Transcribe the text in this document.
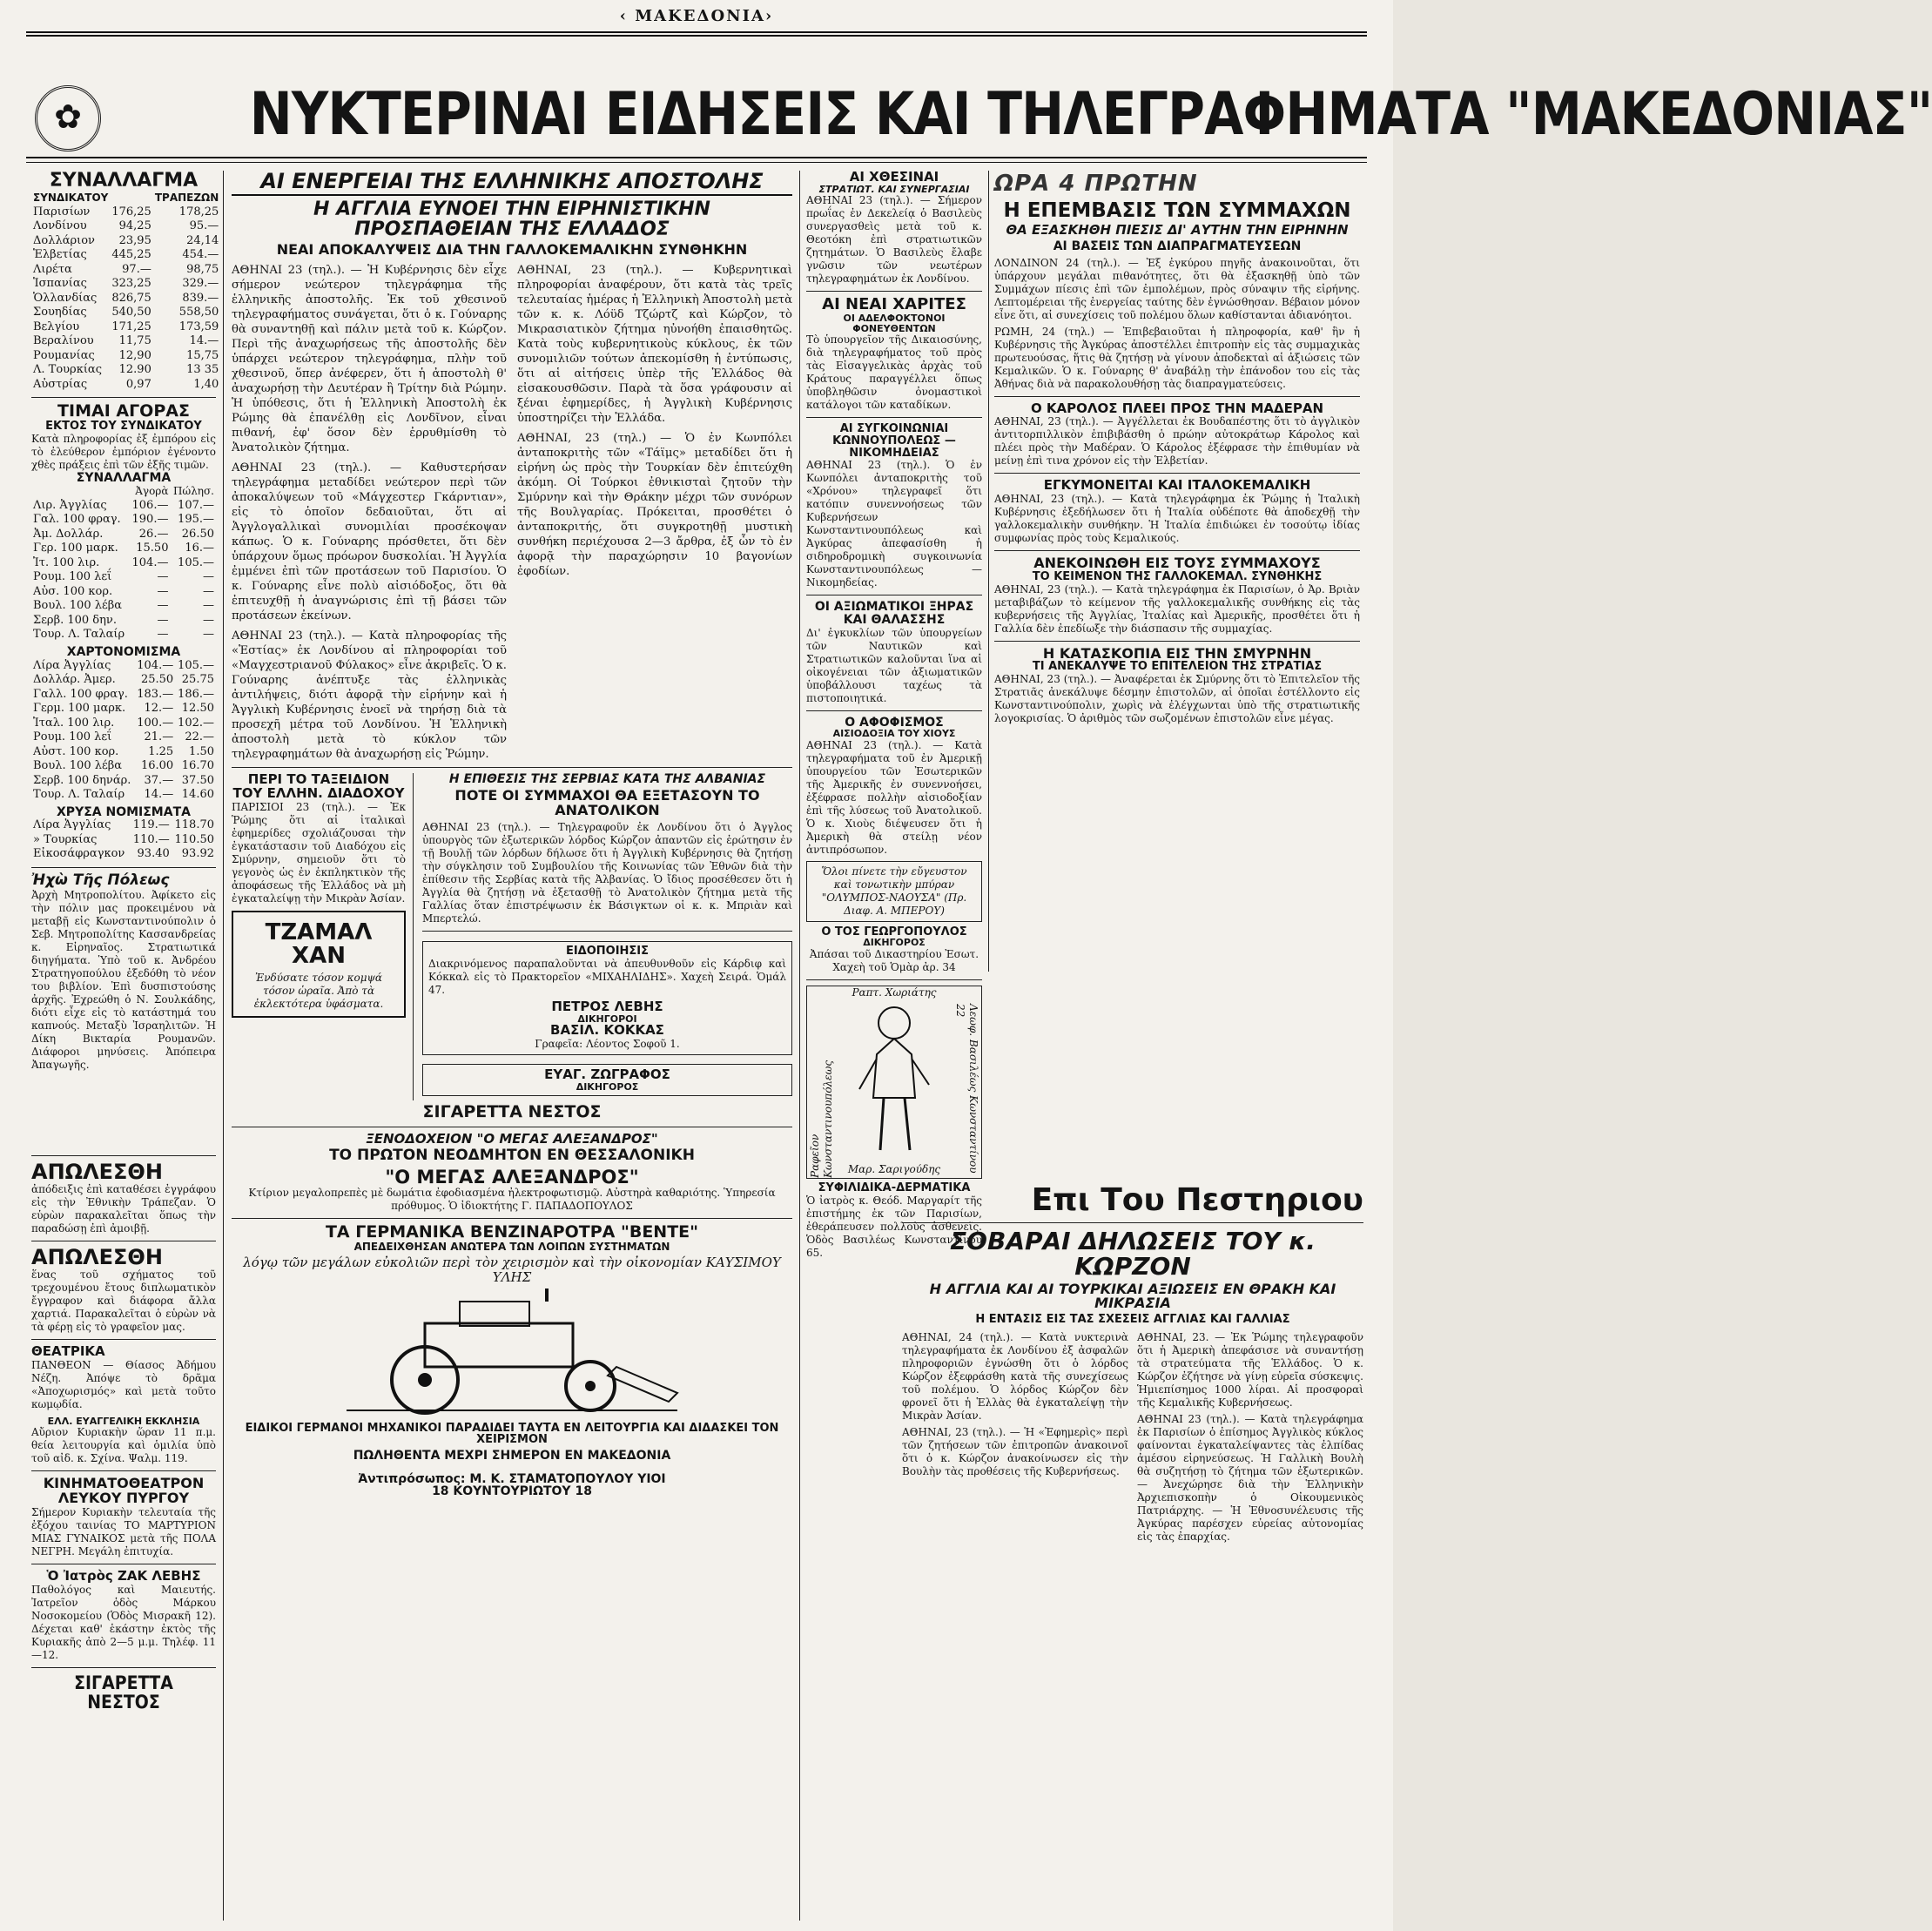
‹ ΜΑΚΕΔΟΝΙΑ›
✿	ΝΥΚΤΕΡΙΝΑΙ ΕΙΔΗΣΕΙΣ ΚΑΙ ΤΗΛΕΓΡΑΦΗΜΑΤΑ "ΜΑΚΕΔΟΝΙΑΣ"
ΣΥΝΑΛΛΑΓΜΑ
ΣΥΝΔΙΚΑΤΟΥ		ΤΡΑΠΕΖΩΝ
Παρισίων	176,25	178,25
Λονδίνου	94,25	95.—
Δολλάριον	23,95	24,14
Ἑλβετίας	445,25	454.—
Λιρέτα	97.—	98,75
Ἱσπανίας	323,25	329.—
Ὁλλανδίας	826,75	839.—
Σουηδίας	540,50	558,50
Βελγίου	171,25	173,59
Βεραλίνου	11,75	14.—
Ρουμανίας	12,90	15,75
Λ. Τουρκίας	12.90	13 35
Αὐστρίας	0,97	1,40
ΤΙΜΑΙ ΑΓΟΡΑΣ
ΕΚΤΟΣ ΤΟΥ ΣΥΝΔΙΚΑΤΟΥ

Κατὰ πληροφορίας ἐξ ἐμπόρου εἰς τὸ ἐλεύθερον ἐμπόριον ἐγένοντο χθὲς πράξεις ἐπὶ τῶν ἑξῆς τιμῶν.

ΣΥΝΑΛΛΑΓΜΑ
	Ἀγορὰ	Πώλησ.
Λιρ. Ἀγγλίας	106.—	107.—
Γαλ. 100 φραγ.	190.—	195.—
Ἀμ. Δολλάρ.	26.—	26.50
Γερ. 100 μαρκ.	15.50	16.—
Ἰτ. 100 λιρ.	104.—	105.—
Ρουμ. 100 λεΐ	—	—
Αὐσ. 100 κορ.	—	—
Βουλ. 100 λέβα	—	—
Σερβ. 100 δην.	—	—
Τουρ. Λ. Ταλαίρ	—	—
ΧΑΡΤΟΝΟΜΙΣΜΑ
Λίρα Ἀγγλίας	104.—	105.—
Δολλάρ. Ἀμερ.	25.50	25.75
Γαλλ. 100 φραγ.	183.—	186.—
Γερμ. 100 μαρκ.	12.—	12.50
Ἰταλ. 100 λιρ.	100.—	102.—
Ρουμ. 100 λεΐ	21.—	22.—
Αὐστ. 100 κορ.	1.25	1.50
Βουλ. 100 λέβα	16.00	16.70
Σερβ. 100 δηνάρ.	37.—	37.50
Τουρ. Λ. Ταλαίρ	14.—	14.60
ΧΡΥΣΑ ΝΟΜΙΣΜΑΤΑ
Λίρα Ἀγγλίας	119.—	118.70
» Τουρκίας	110.—	110.50
Εἰκοσάφραγκον	93.40	93.92
Ἠχὼ Τῆς Πόλεως

Ἀρχὴ Μητροπολίτου. Ἀφίκετο εἰς τὴν πόλιν μας προκειμένου νὰ μεταβῇ εἰς Κωνσταντινούπολιν ὁ Σεβ. Μητροπολίτης Κασσανδρείας κ. Εἰρηναῖος. Στρατιωτικά διηγήματα. Ὑπὸ τοῦ κ. Ἀνδρέου Στρατηγοπούλου ἐξεδόθη τὸ νέον του βιβλίον. Ἐπὶ δυσπιστούσης ἀρχῆς. Ἐχρεώθη ὁ Ν. Σουλκάδης, διότι εἶχε εἰς τὸ κατάστημά του καπνούς. Μεταξὺ Ἰσραηλιτῶν. Ἡ Δίκη Βικταρία Ρουμανῶν. Διάφοροι μηνύσεις. Ἀπόπειρα Ἀπαγωγῆς.

ΑΠΩΛΕΣΘΗ

ἀπόδειξις ἐπὶ καταθέσει ἐγγράφου εἰς τὴν Ἐθνικὴν Τράπεζαν. Ὁ εὑρὼν παρακαλεῖται ὅπως τὴν παραδώσῃ ἐπὶ ἀμοιβῇ.

ΑΠΩΛΕΣΘΗ

ἕνας τοῦ σχήματος τοῦ τρεχουμένου ἔτους διπλωματικὸν ἔγγραφον καὶ διάφορα ἄλλα χαρτιά. Παρακαλεῖται ὁ εὑρὼν νὰ τὰ φέρῃ εἰς τὸ γραφεῖον μας.

ΘΕΑΤΡΙΚΑ

ΠΑΝΘΕΟΝ — Θίασος Ἀδήμου Νέζη. Ἀπόψε τὸ δρᾶμα «Ἀποχωρισμός» καὶ μετὰ τοῦτο κωμῳδία.

ΕΛΛ. ΕΥΑΓΓΕΛΙΚΗ ΕΚΚΛΗΣΙΑ

Αὔριον Κυριακὴν ὥραν 11 π.μ. θεία λειτουργία καὶ ὁμιλία ὑπὸ τοῦ αἰδ. κ. Σχίνα. Ψαλμ. 119.

ΚΙΝΗΜΑΤΟΘΕΑΤΡΟΝ ΛΕΥΚΟΥ ΠΥΡΓΟΥ

Σήμερον Κυριακὴν τελευταία τῆς ἐξόχου ταινίας ΤΟ ΜΑΡΤΥΡΙΟΝ ΜΙΑΣ ΓΥΝΑΙΚΟΣ μετὰ τῆς ΠΟΛΑ ΝΕΓΡΗ. Μεγάλη ἐπιτυχία.

Ὁ Ἰατρὸς ΖΑΚ ΛΕΒΗΣ

Παθολόγος καὶ Μαιευτής. Ἰατρεῖον ὁδὸς Μάρκου Νοσοκομείου (Ὁδὸς Μισρακῆ 12). Δέχεται καθ' ἑκάστην ἐκτὸς τῆς Κυριακῆς ἀπὸ 2—5 μ.μ. Τηλέφ. 11—12.

ΣΙΓΑΡΕΤΤΑ ΝΕΣΤΟΣ
ΑΙ ΕΝΕΡΓΕΙΑΙ ΤΗΣ ΕΛΛΗΝΙΚΗΣ ΑΠΟΣΤΟΛΗΣ
Η ΑΓΓΛΙΑ ΕΥΝΟΕΙ ΤΗΝ ΕΙΡΗΝΙΣΤΙΚΗΝ ΠΡΟΣΠΑΘΕΙΑΝ ΤΗΣ ΕΛΛΑΔΟΣ
ΝΕΑΙ ΑΠΟΚΑΛΥΨΕΙΣ ΔΙΑ ΤΗΝ ΓΑΛΛΟΚΕΜΑΛΙΚΗΝ ΣΥΝΘΗΚΗΝ

ΑΘΗΝΑΙ 23 (τηλ.). — Ἡ Κυβέρνησις δὲν εἶχε σήμερον νεώτερον τηλεγράφημα τῆς ἑλληνικῆς ἀποστολῆς. Ἐκ τοῦ χθεσινοῦ τηλεγραφήματος συνάγεται, ὅτι ὁ κ. Γούναρης θὰ συναντηθῇ καὶ πάλιν μετὰ τοῦ κ. Κώρζον. Περὶ τῆς ἀναχωρήσεως τῆς ἀποστολῆς δὲν ὑπάρχει νεώτερον τηλεγράφημα, πλὴν τοῦ χθεσινοῦ, ὅπερ ἀνέφερεν, ὅτι ἡ ἀποστολὴ θ' ἀναχωρήσῃ τὴν Δευτέραν ἢ Τρίτην διὰ Ρώμην. Ἡ ὑπόθεσις, ὅτι ἡ Ἑλληνικὴ Ἀποστολὴ ἐκ Ρώμης θὰ ἐπανέλθῃ εἰς Λονδῖνον, εἶναι πιθανή, ἐφ' ὅσον δὲν ἐρρυθμίσθη τὸ Ἀνατολικὸν ζήτημα.

ΑΘΗΝΑΙ 23 (τηλ.). — Καθυστερήσαν τηλεγράφημα μεταδίδει νεώτερον περὶ τῶν ἀποκαλύψεων τοῦ «Μάγχεστερ Γκάρντιαν», εἰς τὸ ὁποῖον δεδαιοῦται, ὅτι αἱ Ἀγγλογαλλικαὶ συνομιλίαι προσέκοψαν κάπως. Ὁ κ. Γούναρης πρόσθετει, ὅτι δὲν ὑπάρχουν ὅμως πρόωρον δυσκολίαι. Ἡ Ἀγγλία ἐμμένει ἐπὶ τῶν προτάσεων τοῦ Παρισίου. Ὁ κ. Γούναρης εἶνε πολὺ αἰσιόδοξος, ὅτι θὰ ἐπιτευχθῇ ἡ ἀναγνώρισις ἐπὶ τῇ βάσει τῶν προτάσεων ἐκείνων.

ΑΘΗΝΑΙ 23 (τηλ.). — Κατὰ πληροφορίας τῆς «Ἑστίας» ἐκ Λονδίνου αἱ πληροφορίαι τοῦ «Μαγχεστριανοῦ Φύλακος» εἶνε ἀκριβεῖς. Ὁ κ. Γούναρης ἀνέπτυξε τὰς ἑλληνικὰς ἀντιλήψεις, διότι ἀφορᾷ τὴν εἰρήνην καὶ ἡ Ἀγγλικὴ Κυβέρνησις ἐνοεῖ νὰ τηρήσῃ διὰ τὰ προσεχῆ μέτρα τοῦ Λονδίνου. Ἡ Ἑλληνικὴ ἀποστολὴ μετὰ τὸ κύκλον τῶν τηλεγραφημάτων θὰ ἀναχωρήσῃ εἰς Ῥώμην.

ΑΘΗΝΑΙ, 23 (τηλ.). — Κυβερνητικαὶ πληροφορίαι ἀναφέρουν, ὅτι κατὰ τὰς τρεῖς τελευταίας ἡμέρας ἡ Ἑλληνικὴ Ἀποστολὴ μετὰ τῶν κ. κ. Λόϋδ Τζώρτζ καὶ Κώρζον, τὸ Μικρασιατικὸν ζήτημα ηὐνοήθη ἐπαισθητῶς. Κατὰ τοὺς κυβερνητικοὺς κύκλους, ἐκ τῶν συνομιλιῶν τούτων ἀπεκομίσθη ἡ ἐντύπωσις, ὅτι αἱ αἰτήσεις ὑπὲρ τῆς Ἑλλάδος θὰ εἰσακουσθῶσιν. Παρὰ τὰ ὅσα γράφουσιν αἱ ξέναι ἐφημερίδες, ἡ Ἀγγλικὴ Κυβέρνησις ὑποστηρίζει τὴν Ἑλλάδα.

ΑΘΗΝΑΙ, 23 (τηλ.) — Ὁ ἐν Κωνπόλει ἀνταποκριτὴς τῶν «Τάϊμς» μεταδίδει ὅτι ἡ εἰρήνη ὡς πρὸς τὴν Τουρκίαν δὲν ἐπιτεύχθη ἀκόμη. Οἱ Τούρκοι ἐθνικισταὶ ζητοῦν τὴν Σμύρνην καὶ τὴν Θράκην μέχρι τῶν συνόρων τῆς Βουλγαρίας. Πρόκειται, προσθέτει ὁ ἀνταποκριτής, ὅτι συγκροτηθῇ μυστικὴ συνθήκη περιέχουσα 2—3 ἄρθρα, ἐξ ὧν τὸ ἐν ἀφορᾷ τὴν παραχώρησιν 10 βαγονίων ἐφοδίων.

ΠΕΡΙ ΤΟ ΤΑΞΕΙΔΙΟΝ ΤΟΥ ΕΛΛΗΝ. ΔΙΑΔΟΧΟΥ

ΠΑΡΙΣΙΟΙ 23 (τηλ.). — Ἐκ Ῥώμης ὅτι αἱ ἰταλικαὶ ἐφημερίδες σχολιάζουσαι τὴν ἐγκατάστασιν τοῦ Διαδόχου εἰς Σμύρνην, σημειοῦν ὅτι τὸ γεγονὸς ὡς ἐν ἐκπληκτικὸν τῆς ἀποφάσεως τῆς Ἑλλάδος νὰ μὴ ἐγκαταλείψῃ τὴν Μικρὰν Ἀσίαν.

ΤΖΑΜΑΛ ΧΑΝ
Ἐνδύσατε τόσον κομψά τόσον ὡραῖα. Ἀπὸ τὰ ἐκλεκτότερα ὑφάσματα.
Η ΕΠΙΘΕΣΙΣ ΤΗΣ ΣΕΡΒΙΑΣ ΚΑΤΑ ΤΗΣ ΑΛΒΑΝΙΑΣ
ΠΟΤΕ ΟΙ ΣΥΜΜΑΧΟΙ ΘΑ ΕΞΕΤΑΣΟΥΝ ΤΟ ΑΝΑΤΟΛΙΚΟΝ

ΑΘΗΝΑΙ 23 (τηλ.). — Τηλεγραφοῦν ἐκ Λονδίνου ὅτι ὁ Ἀγγλος ὑπουργὸς τῶν ἐξωτερικῶν λόρδος Κώρζον ἀπαντῶν εἰς ἐρώτησιν ἐν τῇ Βουλῇ τῶν λόρδων δήλωσε ὅτι ἡ Ἀγγλικὴ Κυβέρνησις θὰ ζητήσῃ τὴν σύγκλησιν τοῦ Συμβουλίου τῆς Κοινωνίας τῶν Ἐθνῶν διὰ τὴν ἐπίθεσιν τῆς Σερβίας κατὰ τῆς Ἀλβανίας. Ὁ ἴδιος προσέθεσεν ὅτι ἡ Ἀγγλία θὰ ζητήσῃ νὰ ἐξετασθῇ τὸ Ἀνατολικὸν ζήτημα μετὰ τῆς Γαλλίας ὅταν ἐπιστρέψωσιν ἐκ Βάσιγκτων οἱ κ. κ. Μπριὰν καὶ Μπερτελώ.

ΕΙΔΟΠΟΙΗΣΙΣ

Διακρινόμενος παραπαλοῦνται νὰ ἀπευθυνθοῦν εἰς Κάρδιφ καὶ Κόκκαλ εἰς τὸ Πρακτορεῖον «ΜΙΧΑΗΛΙΔΗΣ». Χαχεὴ Σειρά. Ὁμάλ 47.

ΠΕΤΡΟΣ ΛΕΒΗΣ
ΔΙΚΗΓΟΡΟΙ
ΒΑΣΙΛ. ΚΟΚΚΑΣ
Γραφεῖα: Λέοντος Σοφοῦ 1.
ΕΥΑΓ. ΖΩΓΡΑΦΟΣ
ΔΙΚΗΓΟΡΟΣ
ΣΙΓΑΡΕΤΤΑ ΝΕΣΤΟΣ
ΞΕΝΟΔΟΧΕΙΟΝ "Ο ΜΕΓΑΣ ΑΛΕΞΑΝΔΡΟΣ"
ΤΟ ΠΡΩΤΟΝ ΝΕΟΔΜΗΤΟΝ ΕΝ ΘΕΣΣΑΛΟΝΙΚΗ
"Ο ΜΕΓΑΣ ΑΛΕΞΑΝΔΡΟΣ"

Κτίριον μεγαλοπρεπὲς μὲ δωμάτια ἐφοδιασμένα ἠλεκτροφωτισμῷ. Αὐστηρὰ καθαριότης. Ὑπηρεσία πρόθυμος. Ὁ ἰδιοκτήτης Γ. ΠΑΠΑΔΟΠΟΥΛΟΣ

ΤΑ ΓΕΡΜΑΝΙΚΑ ΒΕΝΖΙΝΑΡΟΤΡΑ "ΒΕΝΤΕ"
ΑΠΕΔΕΙΧΘΗΣΑΝ ΑΝΩΤΕΡΑ ΤΩΝ ΛΟΙΠΩΝ ΣΥΣΤΗΜΑΤΩΝ
λόγῳ τῶν μεγάλων εὐκολιῶν περὶ τὸν χειρισμὸν καὶ τὴν οἰκονομίαν ΚΑΥΣΙΜΟΥ ΥΛΗΣ
ΕΙΔΙΚΟΙ ΓΕΡΜΑΝΟΙ ΜΗΧΑΝΙΚΟΙ ΠΑΡΑΔΙΔΕΙ ΤΑΥΤΑ ΕΝ ΛΕΙΤΟΥΡΓΙΑ ΚΑΙ ΔΙΔΑΣΚΕΙ ΤΟΝ ΧΕΙΡΙΣΜΟΝ
ΠΩΛΗΘΕΝΤΑ ΜΕΧΡΙ ΣΗΜΕΡΟΝ ΕΝ ΜΑΚΕΔΟΝΙΑ
Ἀντιπρόσωπος: Μ. Κ. ΣΤΑΜΑΤΟΠΟΥΛΟΥ ΥΙΟΙ
18 ΚΟΥΝΤΟΥΡΙΩΤΟΥ 18
ΑΙ ΧΘΕΣΙΝΑΙ
ΣΤΡΑΤΙΩΤ. ΚΑΙ ΣΥΝΕΡΓΑΣΙΑΙ

ΑΘΗΝΑΙ 23 (τηλ.). — Σήμερον πρωΐας ἐν Δεκελείᾳ ὁ Βασιλεὺς συνεργασθεὶς μετὰ τοῦ κ. Θεοτόκη ἐπὶ στρατιωτικῶν ζητημάτων. Ὁ Βασιλεὺς ἔλαβε γνῶσιν τῶν νεωτέρων τηλεγραφημάτων ἐκ Λονδίνου.

ΑΙ ΝΕΑΙ ΧΑΡΙΤΕΣ
ΟΙ ΑΔΕΛΦΟΚΤΟΝΟΙ ΦΟΝΕΥΘΕΝΤΩΝ

Τὸ ὑπουργεῖον τῆς Δικαιοσύνης, διὰ τηλεγραφήματος τοῦ πρὸς τὰς Εἰσαγγελικὰς ἀρχὰς τοῦ Κράτους παραγγέλλει ὅπως ὑποβληθῶσιν ὀνομαστικοὶ κατάλογοι τῶν καταδίκων.

ΑΙ ΣΥΓΚΟΙΝΩΝΙΑΙ ΚΩΝΝΟΥΠΟΛΕΩΣ — ΝΙΚΟΜΗΔΕΙΑΣ

ΑΘΗΝΑΙ 23 (τηλ.). Ὁ ἐν Κωνπόλει ἀνταποκριτὴς τοῦ «Χρόνου» τηλεγραφεῖ ὅτι κατόπιν συνεννοήσεως τῶν Κυβερνήσεων Κωνσταντινουπόλεως καὶ Ἀγκύρας ἀπεφασίσθη ἡ σιδηροδρομικὴ συγκοινωνία Κωνσταντινουπόλεως — Νικομηδείας.

ΟΙ ΑΞΙΩΜΑΤΙΚΟΙ ΞΗΡΑΣ ΚΑΙ ΘΑΛΑΣΣΗΣ

Δι' ἐγκυκλίων τῶν ὑπουργείων τῶν Ναυτικῶν καὶ Στρατιωτικῶν καλοῦνται ἵνα αἱ οἰκογένειαι τῶν ἀξιωματικῶν ὑποβάλλουσι ταχέως τὰ πιστοποιητικά.

Ο ΑΦΟΦΙΣΜΟΣ
ΑΙΣΙΟΔΟΞΙΑ ΤΟΥ ΧΙΟΥΣ

ΑΘΗΝΑΙ 23 (τηλ.). — Κατὰ τηλεγραφήματα τοῦ ἐν Ἀμερικῇ ὑπουργείου τῶν Ἐσωτερικῶν τῆς Ἀμερικῆς ἐν συνεννοήσει, ἐξέφρασε πολλὴν αἰσιοδοξίαν ἐπὶ τῆς λύσεως τοῦ Ἀνατολικοῦ. Ὁ κ. Χιοὺς διέψευσεν ὅτι ἡ Ἀμερικὴ θὰ στείλῃ νέον ἀντιπρόσωπον.

Ὅλοι πίνετε τὴν εὔγευστον καὶ τονωτικὴν μπύραν "ΟΛΥΜΠΟΣ-ΝΑΟΥΣΑ" (Πρ. Διαφ. Α. ΜΠΕΡΟΥ)
Ο ΤΟΣ ΓΕΩΡΓΟΠΟΥΛΟΣ
ΔΙΚΗΓΟΡΟΣ
Ἀπάσαι τοῦ Δικαστηρίου Ἐσωτ. Χαχεὴ τοῦ Ὁμὰρ ἀρ. 34
Ραπτ. Χωριάτης
Ραφεῖον Κωνσταντινουπόλεως	Λεωφ. Βασιλέως Κωνσταντίνου 22
Μαρ. Σαριγούδης
ΣΥΦΙΛΙΔΙΚΑ-ΔΕΡΜΑΤΙΚΑ

Ὁ ἰατρὸς κ. Θεόδ. Μαργαρίτ τῆς ἐπιστήμης ἐκ τῶν Παρισίων, ἐθεράπευσεν πολλοὺς ἀσθενεῖς. Ὁδὸς Βασιλέως Κωνσταντίνου 65.

ΩΡΑ 4 ΠΡΩΤΗΝ
Η ΕΠΕΜΒΑΣΙΣ ΤΩΝ ΣΥΜΜΑΧΩΝ
ΘΑ ΕΞΑΣΚΗΘΗ ΠΙΕΣΙΣ ΔΙ' ΑΥΤΗΝ ΤΗΝ ΕΙΡΗΝΗΝ
ΑΙ ΒΑΣΕΙΣ ΤΩΝ ΔΙΑΠΡΑΓΜΑΤΕΥΣΕΩΝ

ΛΟΝΔΙΝΟΝ 24 (τηλ.). — Ἐξ ἐγκύρου πηγῆς ἀνακοινοῦται, ὅτι ὑπάρχουν μεγάλαι πιθανότητες, ὅτι θὰ ἐξασκηθῇ ὑπὸ τῶν Συμμάχων πίεσις ἐπὶ τῶν ἐμπολέμων, πρὸς σύναψιν τῆς εἰρήνης. Λεπτομέρειαι τῆς ἐνεργείας ταύτης δὲν ἐγνώσθησαν. Βέβαιον μόνον εἶνε ὅτι, αἱ συνεχίσεις τοῦ πολέμου ὅλων καθίστανται ἀδιανόητοι.

ΡΩΜΗ, 24 (τηλ.) — Ἐπιβεβαιοῦται ἡ πληροφορία, καθ' ἣν ἡ Κυβέρνησις τῆς Ἀγκύρας ἀποστέλλει ἐπιτροπὴν εἰς τὰς συμμαχικὰς πρωτευούσας, ἥτις θὰ ζητήσῃ νὰ γίνουν ἀποδεκταὶ αἱ ἀξιώσεις τῶν Κεμαλικῶν. Ὁ κ. Γούναρης θ' ἀναβάλῃ τὴν ἐπάνοδον του εἰς τὰς Ἀθήνας διὰ νὰ παρακολουθήσῃ τὰς διαπραγματεύσεις.

Ο ΚΑΡΟΛΟΣ ΠΛΕΕΙ ΠΡΟΣ ΤΗΝ ΜΑΔΕΡΑΝ

ΑΘΗΝΑΙ, 23 (τηλ.). — Ἀγγέλλεται ἐκ Βουδαπέστης ὅτι τὸ ἀγγλικὸν ἀντιτορπιλλικὸν ἐπιβιβάσθη ὁ πρώην αὐτοκράτωρ Κάρολος καὶ πλέει πρὸς τὴν Μαδέραν. Ὁ Κάρολος ἐξέφρασε τὴν ἐπιθυμίαν νὰ μείνῃ ἐπὶ τινα χρόνον εἰς τὴν Ἑλβετίαν.

ΕΓΚΥΜΟΝΕΙΤΑΙ ΚΑΙ ΙΤΑΛΟΚΕΜΑΛΙΚΗ

ΑΘΗΝΑΙ, 23 (τηλ.). — Κατὰ τηλεγράφημα ἐκ Ῥώμης ἡ Ἰταλικὴ Κυβέρνησις ἐξεδήλωσεν ὅτι ἡ Ἰταλία οὐδέποτε θὰ ἀποδεχθῇ τὴν γαλλοκεμαλικὴν συνθήκην. Ἡ Ἰταλία ἐπιδιώκει ἐν τοσούτῳ ἰδίας συμφωνίας πρὸς τοὺς Κεμαλικούς.

ΑΝΕΚΟΙΝΩΘΗ ΕΙΣ ΤΟΥΣ ΣΥΜΜΑΧΟΥΣ
ΤΟ ΚΕΙΜΕΝΟΝ ΤΗΣ ΓΑΛΛΟΚΕΜΑΛ. ΣΥΝΘΗΚΗΣ

ΑΘΗΝΑΙ, 23 (τηλ.). — Κατὰ τηλεγράφημα ἐκ Παρισίων, ὁ Ἀρ. Βριὰν μεταβιβάζων τὸ κείμενον τῆς γαλλοκεμαλικῆς συνθήκης εἰς τὰς κυβερνήσεις τῆς Ἀγγλίας, Ἰταλίας καὶ Ἀμερικῆς, προσθέτει ὅτι ἡ Γαλλία δὲν ἐπεδίωξε τὴν διάσπασιν τῆς συμμαχίας.

Η ΚΑΤΑΣΚΟΠΙΑ ΕΙΣ ΤΗΝ ΣΜΥΡΝΗΝ
ΤΙ ΑΝΕΚΑΛΥΨΕ ΤΟ ΕΠΙΤΕΛΕΙΟΝ ΤΗΣ ΣΤΡΑΤΙΑΣ

ΑΘΗΝΑΙ, 23 (τηλ.). — Ἀναφέρεται ἐκ Σμύρνης ὅτι τὸ Ἐπιτελεῖον τῆς Στρατιᾶς ἀνεκάλυψε δέσμην ἐπιστολῶν, αἱ ὁποῖαι ἐστέλλοντο εἰς Κωνσταντινούπολιν, χωρὶς νὰ ἐλέγχωνται ὑπὸ τῆς στρατιωτικῆς λογοκρισίας. Ὁ ἀριθμὸς τῶν σωζομένων ἐπιστολῶν εἶνε μέγας.

Επι Του Πεστηριου
ΣΟΒΑΡΑΙ ΔΗΛΩΣΕΙΣ ΤΟΥ κ. ΚΩΡΖΟΝ
Η ΑΓΓΛΙΑ ΚΑΙ ΑΙ ΤΟΥΡΚΙΚΑΙ ΑΞΙΩΣΕΙΣ ΕΝ ΘΡΑΚΗ ΚΑΙ ΜΙΚΡΑΣΙΑ
Η ΕΝΤΑΣΙΣ ΕΙΣ ΤΑΣ ΣΧΕΣΕΙΣ ΑΓΓΛΙΑΣ ΚΑΙ ΓΑΛΛΙΑΣ

ΑΘΗΝΑΙ, 24 (τηλ.). — Κατὰ νυκτερινὰ τηλεγραφήματα ἐκ Λονδίνου ἐξ ἀσφαλῶν πληροφοριῶν ἐγνώσθη ὅτι ὁ λόρδος Κώρζον ἐξεφράσθη κατὰ τῆς συνεχίσεως τοῦ πολέμου. Ὁ λόρδος Κώρζον δὲν φρονεῖ ὅτι ἡ Ἑλλὰς θὰ ἐγκαταλείψῃ τὴν Μικρὰν Ἀσίαν.

ΑΘΗΝΑΙ, 23 (τηλ.). — Ἡ «Ἐφημερὶς» περὶ τῶν ζητήσεων τῶν ἐπιτροπῶν ἀνακοινοῖ ὅτι ὁ κ. Κώρζον ἀνακοίνωσεν εἰς τὴν Βουλὴν τὰς προθέσεις τῆς Κυβερνήσεως.

ΑΘΗΝΑΙ, 23. — Ἐκ Ῥώμης τηλεγραφοῦν ὅτι ἡ Ἀμερικὴ ἀπεφάσισε νὰ συναντήσῃ τὰ στρατεύματα τῆς Ἑλλάδος. Ὁ κ. Κώρζον ἐζήτησε νὰ γίνῃ εὐρεῖα σύσκεψις. Ἡμιεπίσημος 1000 λίραι. Αἱ προσφοραὶ τῆς Κεμαλικῆς Κυβερνήσεως.

ΑΘΗΝΑΙ 23 (τηλ.). — Κατὰ τηλεγράφημα ἐκ Παρισίων ὁ ἐπίσημος Ἀγγλικὸς κύκλος φαίνονται ἐγκαταλείψαντες τὰς ἐλπίδας ἀμέσου εἰρηνεύσεως. Ἡ Γαλλικὴ Βουλὴ θὰ συζητήσῃ τὸ ζήτημα τῶν ἐξωτερικῶν. — Ἀνεχώρησε διὰ τὴν Ἑλληνικὴν Ἀρχιεπισκοπὴν ὁ Οἰκουμενικὸς Πατριάρχης. — Ἡ Ἐθνοσυνέλευσις τῆς Ἀγκύρας παρέσχεν εὐρείας αὐτονομίας εἰς τὰς ἐπαρχίας.
